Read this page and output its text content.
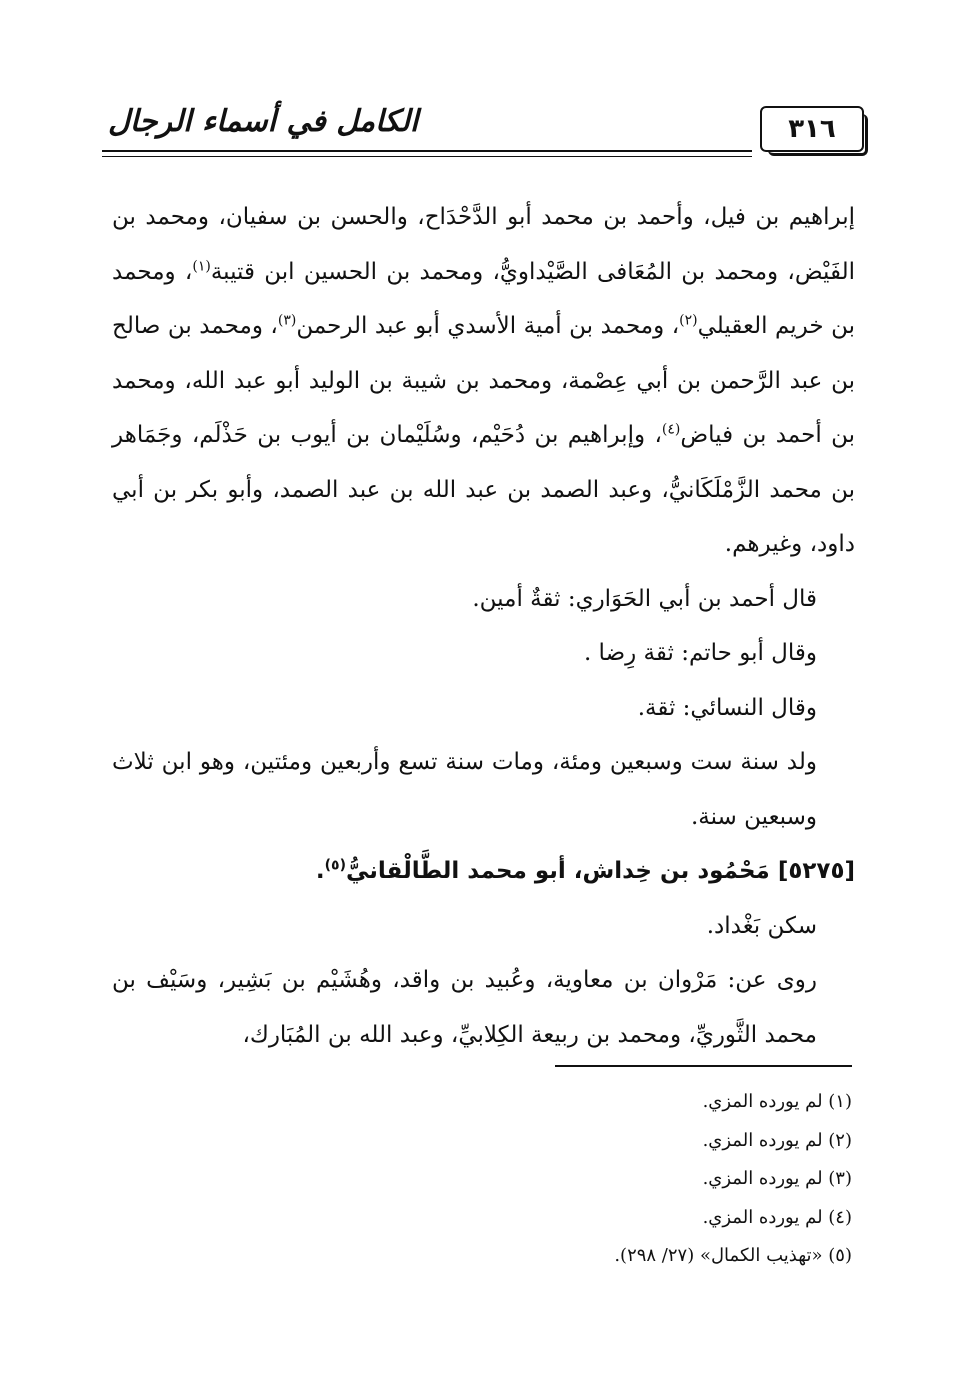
٣١٦
الكامل في أسماء الرجال

إبراهيم بن فيل، وأحمد بن محمد أبو الدَّحْدَاح، والحسن بن سفيان، ومحمد بن الفَيْض، ومحمد بن المُعَافى الصَّيْداويُّ، ومحمد بن الحسين ابن قتيبة$^{(١)}$، ومحمد بن خريم العقيلي$^{(٢)}$، ومحمد بن أمية الأسدي أبو عبد الرحمن$^{(٣)}$، ومحمد بن صالح بن عبد الرَّحمن بن أبي عِصْمة، ومحمد بن شيبة بن الوليد أبو عبد الله، ومحمد بن أحمد بن فياض$^{(٤)}$، وإبراهيم بن دُحَيْم، وسُلَيْمان بن أيوب بن حَذْلَم، وجَمَاهر بن محمد الزَّمْلَكَانيُّ، وعبد الصمد بن عبد الله بن عبد الصمد، وأبو بكر بن أبي داود، وغيرهم.

قال أحمد بن أبي الحَوَاري: ثقةٌ أمين.

وقال أبو حاتم: ثقة رِضا .

وقال النسائي: ثقة.

ولد سنة ست وسبعين ومئة، ومات سنة تسع وأربعين ومئتين، وهو ابن ثلاث وسبعين سنة.

[٥٢٧٥] مَحْمُود بن خِداش، أبو محمد الطَّالْقانيُّ$^{(٥)}$.

سكن بَغْداد.

روى عن: مَرْوان بن معاوية، وعُبيد بن واقد، وهُشَيْم بن بَشِير، وسَيْف بن محمد الثَّوريِّ، ومحمد بن ربيعة الكِلابيِّ، وعبد الله بن المُبَارك،

(١) لم يورده المزي.
(٢) لم يورده المزي.
(٣) لم يورده المزي.
(٤) لم يورده المزي.
(٥) «تهذيب الكمال» (٢٧/ ٢٩٨).
